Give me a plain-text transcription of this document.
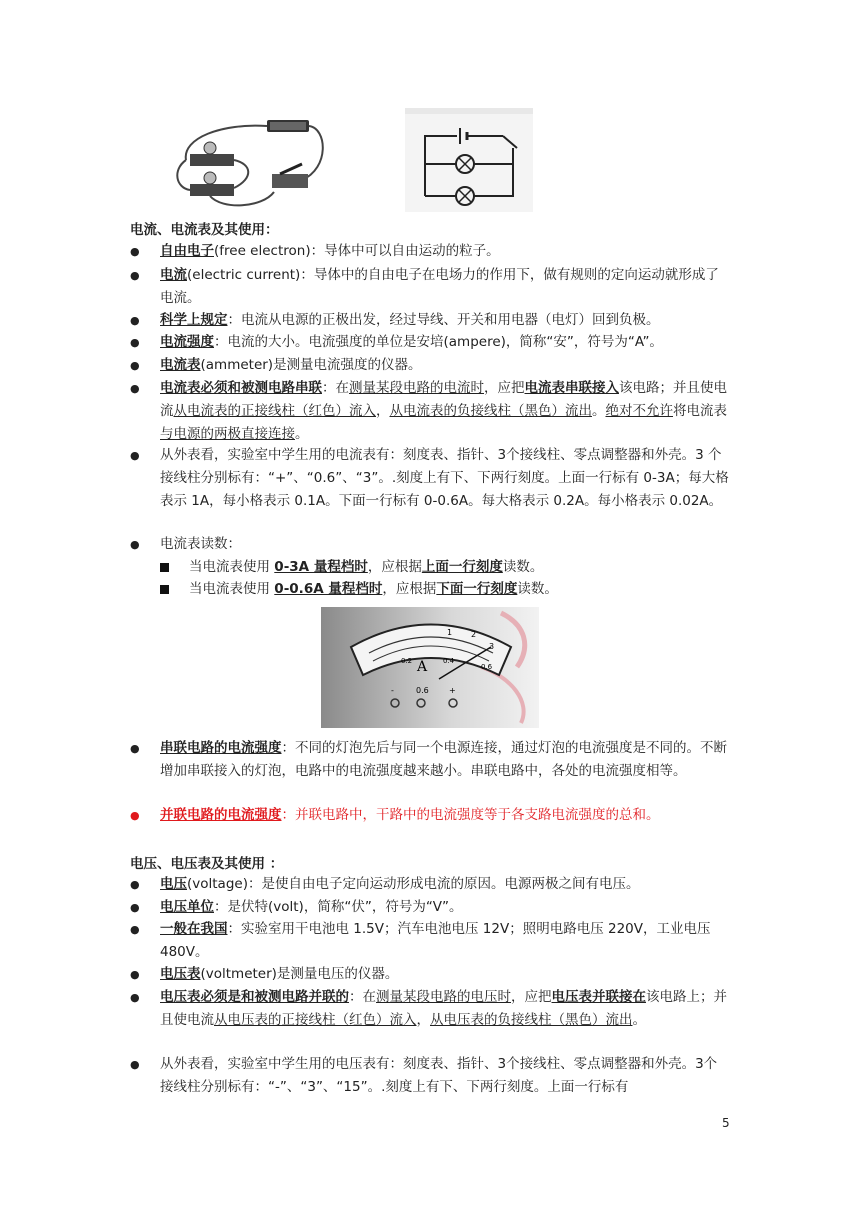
电流、电流表及其使用：
●	自由电子(free electron)：导体中可以自由运动的粒子。
●	电流(electric current)：导体中的自由电子在电场力的作用下，做有规则的定向运动就形成了电流。
●	科学上规定：电流从电源的正极出发，经过导线、开关和用电器（电灯）回到负极。
●	电流强度：电流的大小。电流强度的单位是安培(ampere)，简称“安”，符号为“A”。
●	电流表(ammeter)是测量电流强度的仪器。
●	电流表必须和被测电路串联：在测量某段电路的电流时，应把电流表串联接入该电路；并且使电流从电流表的正接线柱（红色）流入，从电流表的负接线柱（黑色）流出。绝对不允许将电流表与电源的两极直接连接。
●	从外表看，实验室中学生用的电流表有：刻度表、指针、3个接线柱、零点调整器和外壳。3 个接线柱分别标有：“+”、“0.6”、“3”。.刻度上有下、下两行刻度。上面一行标有 0-3A；每大格表示 1A，每小格表示 0.1A。下面一行标有 0-0.6A。每大格表示 0.2A。每小格表示 0.02A。
●	电流表读数：
当电流表使用 0-3A 量程档时，应根据上面一行刻度读数。
当电流表使用 0-0.6A 量程档时，应根据下面一行刻度读数。
A
1 2
3
0.2	0.4
0.6
-	0.6	+
●	串联电路的电流强度：不同的灯泡先后与同一个电源连接，通过灯泡的电流强度是不同的。不断增加串联接入的灯泡，电路中的电流强度越来越小。串联电路中，各处的电流强度相等。
●	并联电路的电流强度：并联电路中，干路中的电流强度等于各支路电流强度的总和。
电压、电压表及其使用 ：
●	电压(voltage)：是使自由电子定向运动形成电流的原因。电源两极之间有电压。
●	电压单位：是伏特(volt)，简称“伏”，符号为“V”。
●	一般在我国：实验室用干电池电 1.5V；汽车电池电压 12V；照明电路电压 220V，工业电压 480V。
●	电压表(voltmeter)是测量电压的仪器。
●	电压表必须是和被测电路并联的：在测量某段电路的电压时，应把电压表并联接在该电路上；并且使电流从电压表的正接线柱（红色）流入，从电压表的负接线柱（黑色）流出。
●	从外表看，实验室中学生用的电压表有：刻度表、指针、3个接线柱、零点调整器和外壳。3个接线柱分别标有：“-”、“3”、“15”。.刻度上有下、下两行刻度。上面一行标有
5
